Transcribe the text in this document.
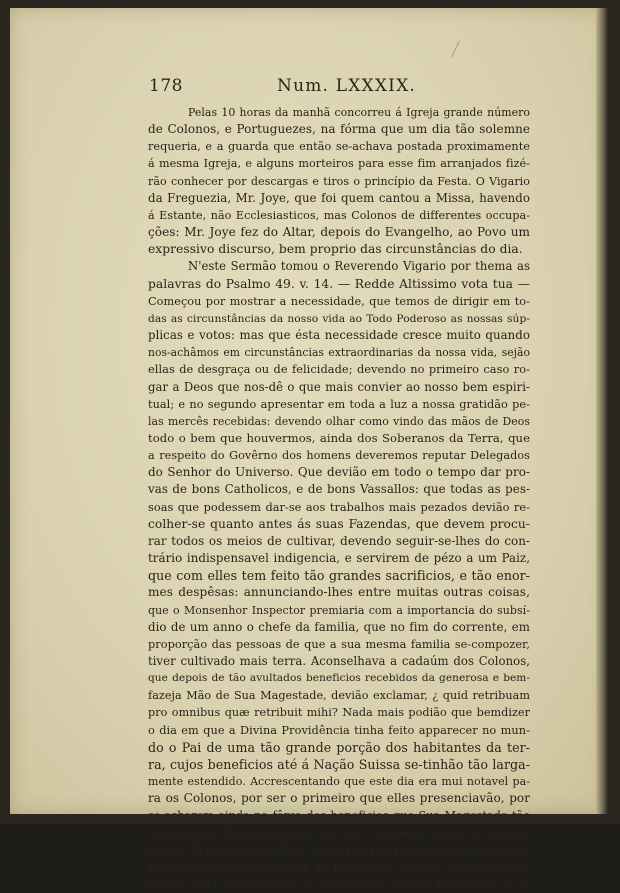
178	Num. LXXXIX.
Pelas 10 horas da manhã concorreu á Igreja grande número
de Colonos, e Portuguezes, na fórma que um dia tão solemne
requeria, e a guarda que então se-achava postada proximamente
á mesma Igreja, e alguns morteiros para esse fim arranjados fizé-
rão conhecer por descargas e tiros o princípio da Festa. O Vigario
da Freguezia, Mr. Joye, que foi quem cantou a Missa, havendo
á Estante, não Ecclesiasticos, mas Colonos de differentes occupa-
ções: Mr. Joye fez do Altar, depois do Evangelho, ao Povo um
expressivo discurso, bem proprio das circunstâncias do dia.
N'este Sermão tomou o Reverendo Vigario por thema as
palavras do Psalmo 49. v. 14. — Redde Altissimo vota tua —
Começou por mostrar a necessidade, que temos de dirigir em to-
das as circunstâncias da nosso vida ao Todo Poderoso as nossas súp-
plicas e votos: mas que ésta necessidade cresce muito quando
nos-achâmos em circunstâncias extraordinarias da nossa vida, sejão
ellas de desgraça ou de felicidade; devendo no primeiro caso ro-
gar a Deos que nos-dê o que mais convier ao nosso bem espiri-
tual; e no segundo apresentar em toda a luz a nossa gratidão pe-
las mercês recebidas: devendo olhar como vindo das mãos de Deos
todo o bem que houvermos, ainda dos Soberanos da Terra, que
a respeito do Govêrno dos homens deveremos reputar Delegados
do Senhor do Universo. Que devião em todo o tempo dar pro-
vas de bons Catholicos, e de bons Vassallos: que todas as pes-
soas que podessem dar-se aos trabalhos mais pezados devião re-
colher-se quanto antes ás suas Fazendas, que devem procu-
rar todos os meios de cultivar, devendo seguir-se-lhes do con-
trário indispensavel indigencia, e servirem de pézo a um Paiz,
que com elles tem feito tão grandes sacrificios, e tão enor-
mes despêsas: annunciando-lhes entre muitas outras coisas,
que o Monsenhor Inspector premiaria com a importancia do subsí-
dio de um anno o chefe da familia, que no fim do corrente, em
proporção das pessoas de que a sua mesma familia se-compozer,
tiver cultivado mais terra. Aconselhava a cadaúm dos Colonos,
que depois de tão avultados beneficios recebidos da generosa e bem-
fazeja Mão de Sua Magestade, devião exclamar, ¿ quid retribuam
pro omnibus quæ retribuit mihi? Nada mais podião que bemdizer
o dia em que a Divina Providência tinha feito apparecer no mun-
do o Pai de uma tão grande porção dos habitantes da ter-
ra, cujos beneficios até á Nação Suissa se-tinhão tão larga-
mente estendido. Accrescentando que este dia era mui notavel pa-
ra os Colonos, por ser o primeiro que elles presenciavão, por
se-acharem ainda na fôrça dos beneficios que Sua Magestade tão
francamente lhes-liberalisava, por ser o primeiro depois da Criação
d'ésta Freguezia, e Villa: e até porque por um feliz rasgo da
Providência, relativamente ao júbilo dos Suissos, coincidem no
mesmo dia o Anniversario do Nascimento de Suą Magestade, e do
